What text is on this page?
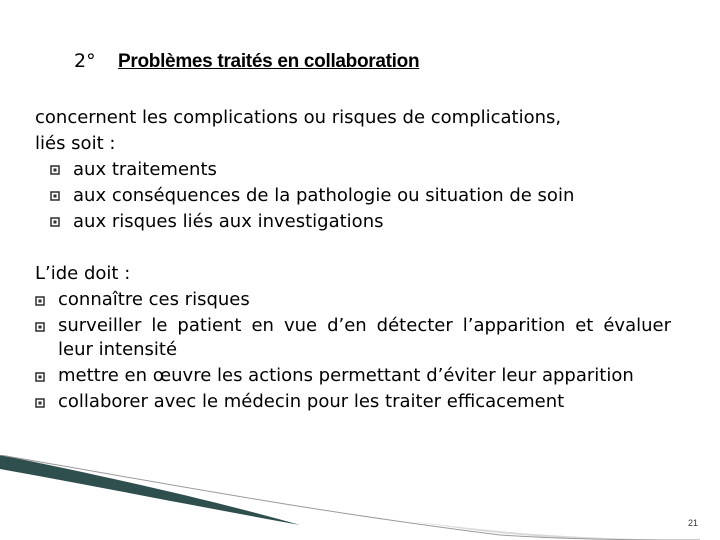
2° Problèmes traités en collaboration

concernent les complications ou risques de complications,

liés soit :

aux traitements
aux conséquences de la pathologie ou situation de soin
aux risques liés aux investigations

L’ide doit :

connaître ces risques
surveiller le patient en vue d’en détecter l’apparition et évaluer leur intensité
mettre en œuvre les actions permettant d’éviter leur apparition
collaborer avec le médecin pour les traiter efficacement
21
